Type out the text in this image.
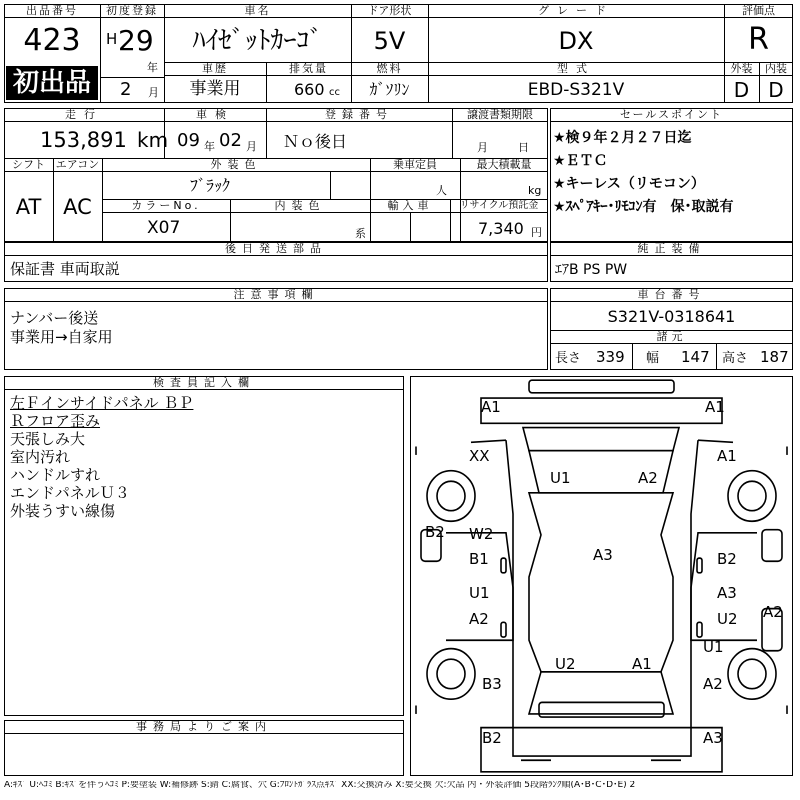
出品番号
423
初出品
初度登録
H 29
年
2 月
車名
ﾊｲｾﾞｯﾄｶｰｺﾞ
ドア形状
5V
グレード
DX
評価点
R
車歴
事業用
排気量
660 cc
燃料
ｶﾞｿﾘﾝ
型式
EBD-S321V
外装	内装
D D
走行
153,891 km
車検
09 年 02 月
登録番号
Ｎｏ後日
譲渡書類期限
月	日
シフト
AT
エアコン
AC
外装色
ﾌﾞﾗｯｸ
乗車定員
人
最大積載量
kg
カラーNo.
X07
内装色
系
輸入車	リサイクル預託金
7,340 円
セールスポイント
★検９年２月２７日迄
★ＥＴＣ
★キーレス（リモコン）
★ｽﾍﾟｱｷｰ･ﾘﾓｺﾝ有　保･取説有
後日発送部品
保証書 車両取説
純正装備
ｴｱB PS PW
注意事項欄
ナンバー後送
事業用→自家用
車台番号
S321V-0318641
諸元
長さ 339 幅 147 高さ 187
検査員記入欄
左Ｆインサイドパネル ＢＰ
Ｒフロア歪み
天張しみ大
室内汚れ
ハンドルすれ
エンドパネルＵ３
外装うすい線傷
事務局よりご案内
A1	A1
XX	A1
U1	A2
B2 W2
B1	B2
A3
U1	A3
A2	U2 A2
U1
U2	A1
B3	A2
B2	A3
A:ｷｽﾞ U:ﾍｺﾐ B:ｷｽﾞを伴うﾍｺﾐ P:要塗装 W:補修跡 S:錆 C:腐食、穴 G:ﾌﾛﾝﾄｶﾞﾗｽ点ｷｽﾞ XX:交換済み X:要交換 欠:欠品 内・外装評価 5段階ﾗﾝｸ順(A･B･C･D･E) 2
